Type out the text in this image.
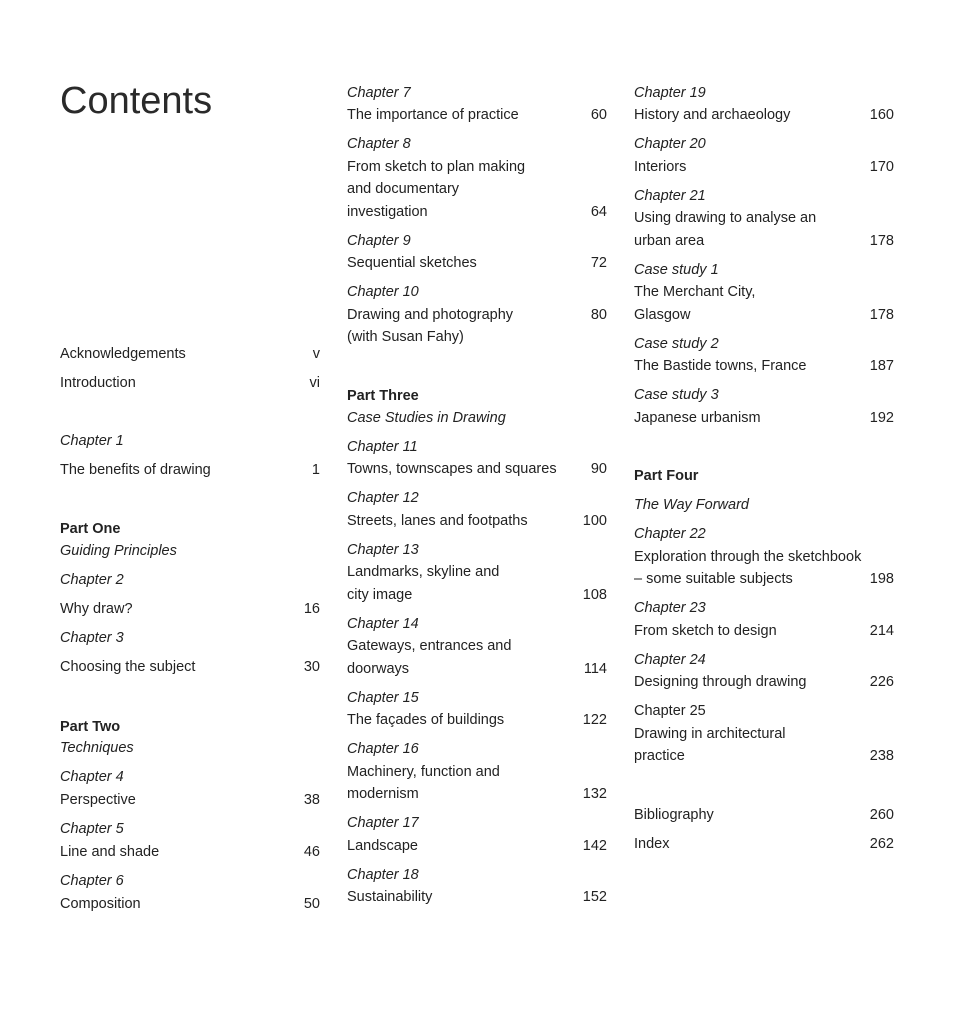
Contents
Acknowledgements	v
Introduction	vi
Chapter 1
The benefits of drawing	1
Part One
Guiding Principles
Chapter 2
Why draw?	16
Chapter 3
Choosing the subject	30
Part Two
Techniques
Chapter 4
Perspective	38
Chapter 5
Line and shade	46
Chapter 6
Composition	50
Chapter 7
The importance of practice	60
Chapter 8
From sketch to plan making
and documentary
investigation	64
Chapter 9
Sequential sketches	72
Chapter 10
Drawing and photography	80
(with Susan Fahy)
Part Three
Case Studies in Drawing
Chapter 11
Towns, townscapes and squares 90
Chapter 12
Streets, lanes and footpaths	100
Chapter 13
Landmarks, skyline and
city image	108
Chapter 14
Gateways, entrances and
doorways	114
Chapter 15
The façades of buildings	122
Chapter 16
Machinery, function and
modernism	132
Chapter 17
Landscape	142
Chapter 18
Sustainability	152
Chapter 19
History and archaeology	160
Chapter 20
Interiors	170
Chapter 21
Using drawing to analyse an
urban area	178
Case study 1
The Merchant City,
Glasgow	178
Case study 2
The Bastide towns, France	187
Case study 3
Japanese urbanism	192
Part Four
The Way Forward
Chapter 22
Exploration through the sketchbook
– some suitable subjects	198
Chapter 23
From sketch to design	214
Chapter 24
Designing through drawing	226
Chapter 25
Drawing in architectural
practice	238
Bibliography	260
Index	262
